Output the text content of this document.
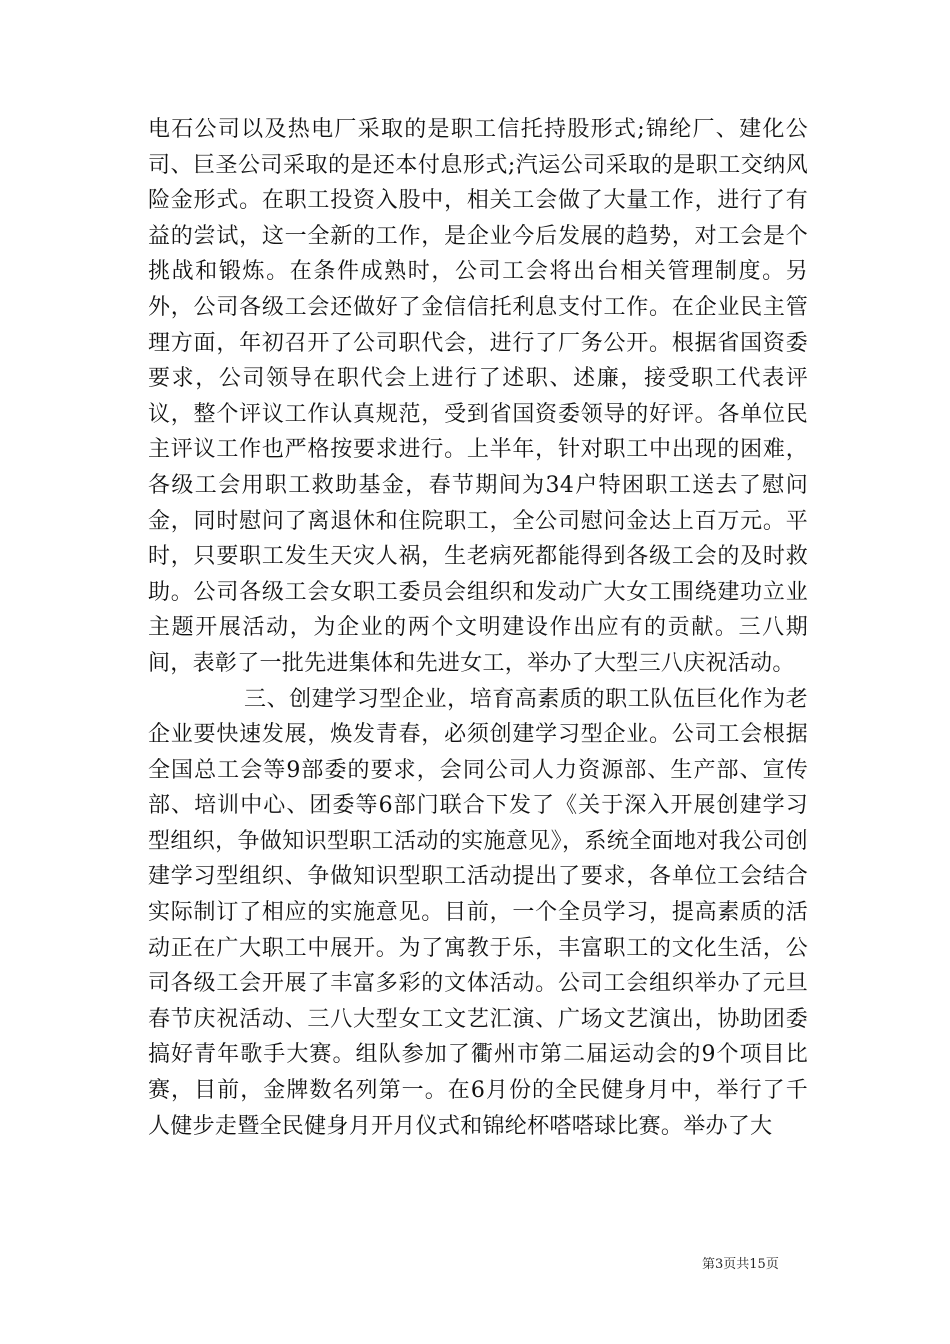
电石公司以及热电厂采取的是职工信托持股形式;锦纶厂、建化公司、巨圣公司采取的是还本付息形式;汽运公司采取的是职工交纳风险金形式。在职工投资入股中，相关工会做了大量工作，进行了有益的尝试，这一全新的工作，是企业今后发展的趋势，对工会是个挑战和锻炼。在条件成熟时，公司工会将出台相关管理制度。另外，公司各级工会还做好了金信信托利息支付工作。在企业民主管理方面，年初召开了公司职代会，进行了厂务公开。根据省国资委要求，公司领导在职代会上进行了述职、述廉，接受职工代表评议，整个评议工作认真规范，受到省国资委领导的好评。各单位民主评议工作也严格按要求进行。上半年，针对职工中出现的困难，各级工会用职工救助基金，春节期间为34户特困职工送去了慰问金，同时慰问了离退休和住院职工，全公司慰问金达上百万元。平时，只要职工发生天灾人祸，生老病死都能得到各级工会的及时救助。公司各级工会女职工委员会组织和发动广大女工围绕建功立业主题开展活动，为企业的两个文明建设作出应有的贡献。三八期间，表彰了一批先进集体和先进女工，举办了大型三八庆祝活动。

三、创建学习型企业，培育高素质的职工队伍巨化作为老企业要快速发展，焕发青春，必须创建学习型企业。公司工会根据全国总工会等9部委的要求，会同公司人力资源部、生产部、宣传部、培训中心、团委等6部门联合下发了《关于深入开展创建学习型组织，争做知识型职工活动的实施意见》，系统全面地对我公司创建学习型组织、争做知识型职工活动提出了要求，各单位工会结合实际制订了相应的实施意见。目前，一个全员学习，提高素质的活动正在广大职工中展开。为了寓教于乐，丰富职工的文化生活，公司各级工会开展了丰富多彩的文体活动。公司工会组织举办了元旦春节庆祝活动、三八大型女工文艺汇演、广场文艺演出，协助团委搞好青年歌手大赛。组队参加了衢州市第二届运动会的9个项目比赛，目前，金牌数名列第一。在6月份的全民健身月中，举行了千人健步走暨全民健身月开月仪式和锦纶杯嗒嗒球比赛。举办了大

第3页共15页
